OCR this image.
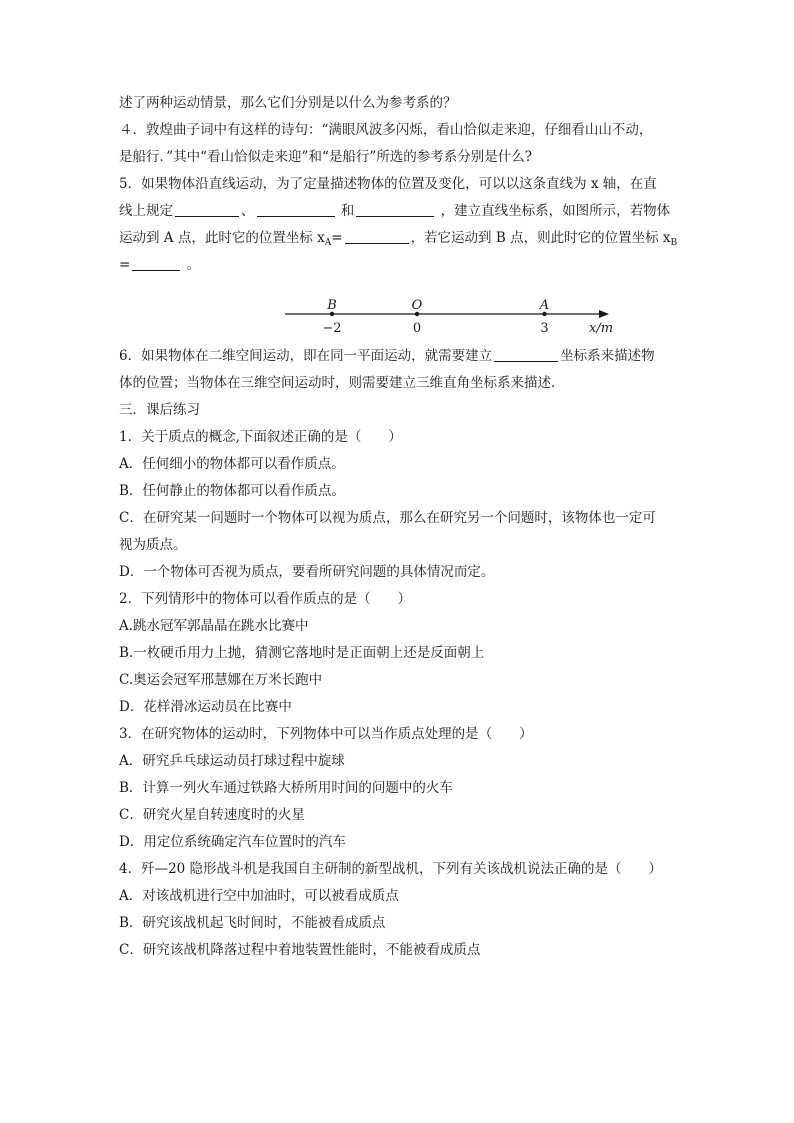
述了两种运动情景，那么它们分别是以什么为参考系的？
４．敦煌曲子词中有这样的诗句：“满眼风波多闪烁，看山恰似走来迎，仔细看山山不动，
是船行．”其中“看山恰似走来迎”和“是船行”所选的参考系分别是什么?
5．如果物体沿直线运动，为了定量描述物体的位置及变化，可以以这条直线为 x 轴，在直
线上规定	、	和	，建立直线坐标系，如图所示，若物体
运动到 A 点，此时它的位置坐标 $x_A=$	，若它运动到 B 点，则此时它的位置坐标 $x_B$
=	。
x/m
B
−2
O
0
A
3
6．如果物体在二维空间运动，即在同一平面运动，就需要建立	坐标系来描述物
体的位置；当物体在三维空间运动时，则需要建立三维直角坐标系来描述．
三．课后练习
1．关于质点的概念,下面叙述正确的是（　　）
A．任何细小的物体都可以看作质点。
B．任何静止的物体都可以看作质点。
C．在研究某一问题时一个物体可以视为质点，那么在研究另一个问题时，该物体也一定可
视为质点。
D．一个物体可否视为质点，要看所研究问题的具体情况而定。
2．下列情形中的物体可以看作质点的是（　　）
A.跳水冠军郭晶晶在跳水比赛中
B.一枚硬币用力上抛，猜测它落地时是正面朝上还是反面朝上
C.奥运会冠军邢慧娜在万米长跑中
D．花样滑冰运动员在比赛中
3．在研究物体的运动时，下列物体中可以当作质点处理的是（　　）
A．研究乒乓球运动员打球过程中旋球
B．计算一列火车通过铁路大桥所用时间的问题中的火车
C．研究火星自转速度时的火星
D．用定位系统确定汽车位置时的汽车
4．歼—20 隐形战斗机是我国自主研制的新型战机，下列有关该战机说法正确的是（　　）
A．对该战机进行空中加油时，可以被看成质点
B．研究该战机起飞时间时，不能被看成质点
C．研究该战机降落过程中着地装置性能时，不能被看成质点
